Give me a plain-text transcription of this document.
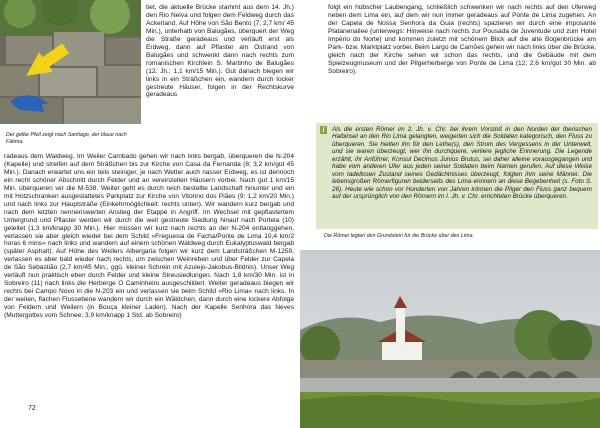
Der gelbe Pfeil zeigt nach Santiago, der blaue nach Fátima.
tiet, die aktuelle Brücke stammt aus dem 14. Jh.) den Rio Neiva und folgen dem Feldweg durch das Ackerland. Auf Höhe von São Bento (7; 2,7 km/ 45 Min.), unterhalb von Balugães, überquert der Weg die Straße geradeaus und verläuft erst als Erdweg, dann auf Pflaster am Ostrand von Balugães und schwenkt dann nach rechts zum romanischen Kirchlein S. Martinho de Balugães (12. Jh.; 1,1 km/15 Min.). Gut danach biegen wir links in ein Sträßchen ein, wandern durch locker gestreute Häuser, folgen in der Rechtskurve geradeaus
radeaus dem Waldweg. Im Weiler Cambado gehen wir nach links bergab, überqueren die N-204 (Kapelle) und streifen auf dem Sträßchen bis zur Kirche von Casa da Fernanda (8; 3,2 km/gut 45 Min.). Danach erwartet uns ein teils steiniger, je nach Wetter auch nasser Erdweg, es ist dennoch ein recht schöner Abschnitt durch Felder und an vereinzelten Häusern vorbei. Nach gut 1 km/15 Min. überqueren wir die M-538. Weiter geht es durch reich bestellte Landschaft hinunter und ein mit Holzschranken ausgestattetes Parkplatz zur Kirche von Vitorino dos Piães (9; 1,2 km/20 Min.) und nach links zur Hauptstraße (Einkehrmöglichkeit: rechts unten). Wir wandern kurz bergab und nach dem letzten nennenswerten Anstieg der Etappe in Angriff. Im Wechsel mit gepflastertem Untergrund und Pflaster werden wir durch die weit gestreute Siedlung hinauf nach Portela (10) geleitet (1,3 km/knapp 30 Min.). Hier müssen wir kurz nach rechts an der N-204 entlanggehen, verlassen sie aber gleich wieder bei dem Schild »Freguesia de Facha/Ponte de Lima 10,4 km/2 horas 6 mins« nach links und wandern auf einem schönen Waldweg durch Eukalyptuswald bergab (später Asphalt). Auf Höhe des Weilers Albergaria folgen wir kurz dem Landsträßchen M-1259, verlassen es aber bald wieder nach rechts, um zwischen Weinreben und über Felder zur Capela de São Sebastião (2,7 km/45 Min., ggü. kleiner Schrein mit Azulejo-Jakobus-Bildnis). Unser Weg verläuft nun praktisch eben durch Felder und kleine Streusiedlungen. Nach 1,8 km/30 Min. ist in Sobreiro (11) nach links die Herberge O Caminheiro ausgeschildert. Weiter geradeaus biegen wir rechts bei Campo Novo in die N-203 ein und verlassen sie beim Schild »Rio Lima« nach links. In der weiten, flachen Flussebene wandern wir durch ein Wäldchen, dann durch eine lockere Abfolge von Feldern und Weilern (in Bouça kleiner Laden). Nach der Kapelle Senhora das Neves (Muttergottes vom Schnee; 3,9 km/knapp 1 Std. ab Sobreiro)
72
folgt ein hübscher Laubengang, schließlich schwenken wir nach rechts auf den Uferweg neben dem Lima ein, auf dem wir nun immer geradeaus auf Ponte de Lima zugehen. An der Capela de Nossa Senhora da Guia (rechts) spazieren wir durch eine imposante Platanenallee (unterwegs: Hinweise nach rechts zur Pousada de Juventude und zum Hotel Império do Norte) und kommen zuletzt mit schönem Blick auf die alte Bogenbrücke am Park- bzw. Marktplatz vorbei. Beim Largo de Camões gehen wir nach links über die Brücke, gleich nach der Kirche sehen wir schon das rechts, und die Gebäude mit dem Spielzeugmuseum und der Pilgerherberge von Ponte de Lima (12; 2,6 km/gut 30 Min. ab Sobreiro).
i	Als die ersten Römer im 2. Jh. v. Chr. bei ihrem Vorstoß in den Norden der Iberischen Halbinsel an den Rio Lima gelangten, weigerten sich die Soldaten kategorisch, den Fluss zu überqueren. Sie hielten ihn für den Lethe(s), den Strom des Vergessens in der Unterwelt, und sie waren überzeugt, wer ihn durchquere, verliere jegliche Erinnerung. Die Legende erzählt, ihr Anführer, Konsul Decimus Junius Brutus, sei daher alleine vorausgegangen und habe vom anderen Ufer aus jeden seiner Soldaten beim Namen gerufen. Auf diese Weise vom tadellosen Zustand seines Gedächtnisses überzeugt, folgten ihm seine Männer. Die lebensgroßen Römerfiguren beiderseits des Lima erinnern an diese Begebenheit (s. Foto S. 26). Heute wie schon vor Hunderten von Jahren können die Pilger den Fluss ganz bequem auf der ursprünglich von den Römern im I. Jh. v. Chr. errichteten Brücke überqueren.
Die Römer legten den Grundstein für die Brücke über den Lima.
